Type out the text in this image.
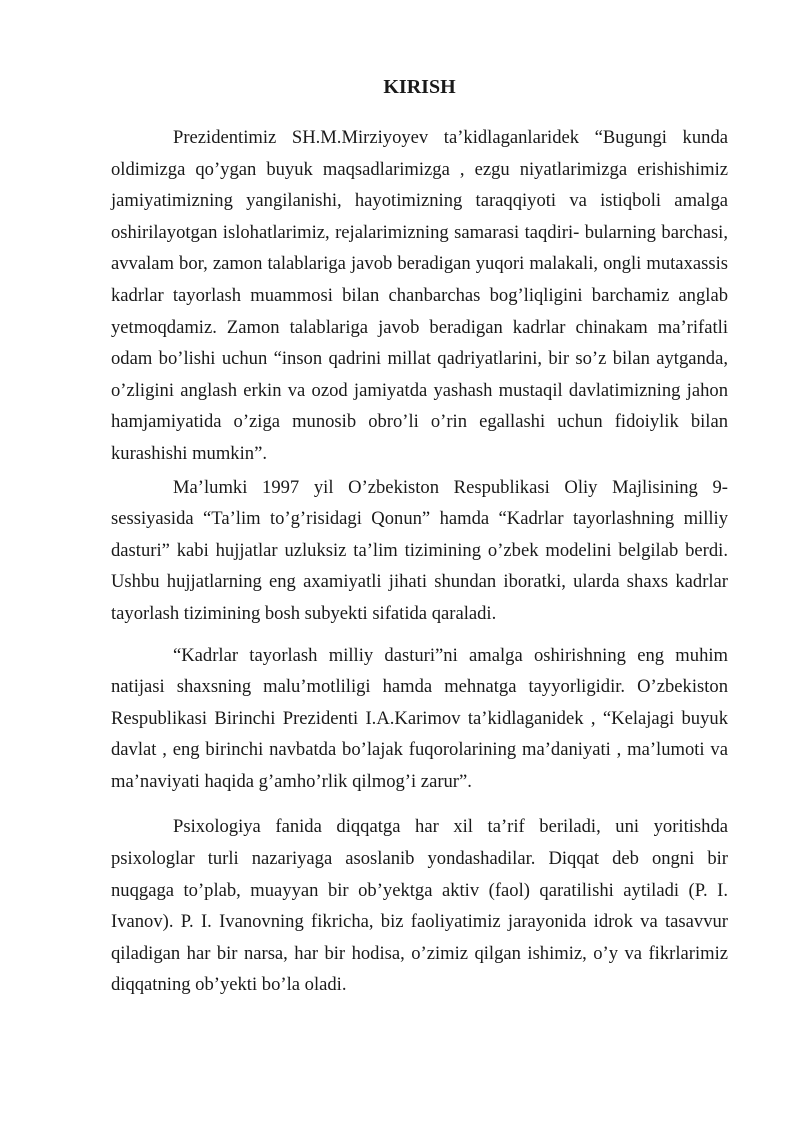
KIRISH

Prezidentimiz SH.M.Mirziyoyev ta’kidlaganlaridek “Bugungi kunda oldimizga qo’ygan buyuk maqsadlarimizga , ezgu niyatlarimizga erishishimiz jamiyatimizning yangilanishi, hayotimizning taraqqiyoti va istiqboli amalga oshirilayotgan islohatlarimiz, rejalarimizning samarasi taqdiri- bularning barchasi, avvalam bor, zamon talablariga javob beradigan yuqori malakali, ongli mutaxassis kadrlar tayorlash muammosi bilan chanbarchas bog’liqligini barchamiz anglab yetmoqdamiz. Zamon talablariga javob beradigan kadrlar chinakam ma’rifatli odam bo’lishi uchun “inson qadrini millat qadriyatlarini, bir so’z bilan aytganda, o’zligini anglash erkin va ozod jamiyatda yashash mustaqil davlatimizning jahon hamjamiyatida o’ziga munosib obro’li o’rin egallashi uchun fidoiylik bilan kurashishi mumkin”.

Ma’lumki 1997 yil O’zbekiston Respublikasi Oliy Majlisining 9-sessiyasida “Ta’lim to’g’risidagi Qonun” hamda “Kadrlar tayorlashning milliy dasturi” kabi hujjatlar uzluksiz ta’lim tizimining o’zbek modelini belgilab berdi. Ushbu hujjatlarning eng axamiyatli jihati shundan iboratki, ularda shaxs kadrlar tayorlash tizimining bosh subyekti sifatida qaraladi.

“Kadrlar tayorlash milliy dasturi”ni amalga oshirishning eng muhim natijasi shaxsning malu’motliligi hamda mehnatga tayyorligidir. O’zbekiston Respublikasi Birinchi Prezidenti I.A.Karimov ta’kidlaganidek , “Kelajagi buyuk davlat , eng birinchi navbatda bo’lajak fuqorolarining ma’daniyati , ma’lumoti va ma’naviyati haqida g’amho’rlik qilmog’i zarur”.

Psixologiya fanida diqqatga har xil ta’rif beriladi, uni yoritishda psixologlar turli nazariyaga asoslanib yondashadilar. Diqqat deb ongni bir nuqgaga to’plab, muayyan bir ob’yektga aktiv (faol) qaratilishi aytiladi (P. I. Ivanov). P. I. Ivanovning fikricha, biz faoliyatimiz jarayonida idrok va tasavvur qiladigan har bir narsa, har bir hodisa, o’zimiz qilgan ishimiz, o’y va fikrlarimiz diqqatning ob’yekti bo’la oladi.
